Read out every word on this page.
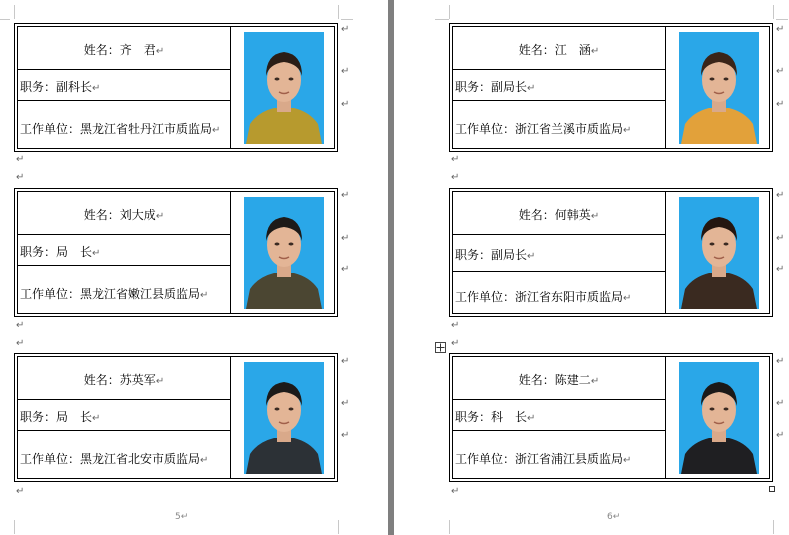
↵
↵
↵
↵
↵
↵
↵
↵
↵
↵
↵
↵
↵
↵
姓名：齐　君↵
职务：副科长↵
工作单位：黑龙江省牡丹江市质监局↵
姓名：刘大成↵
职务：局　长↵
工作单位：黑龙江省嫩江县质监局↵
姓名：苏英军↵
职务：局　长↵
工作单位：黑龙江省北安市质监局↵
5↵
↵
↵
↵
↵
↵
↵
↵
↵
↵
↵
↵
↵
↵
↵
姓名：江　涵↵
职务：副局长↵
工作单位：浙江省兰溪市质监局↵
姓名：何韩英↵
职务：副局长↵
工作单位：浙江省东阳市质监局↵
姓名：陈建二↵
职务：科　长↵
工作单位：浙江省浦江县质监局↵
6↵
